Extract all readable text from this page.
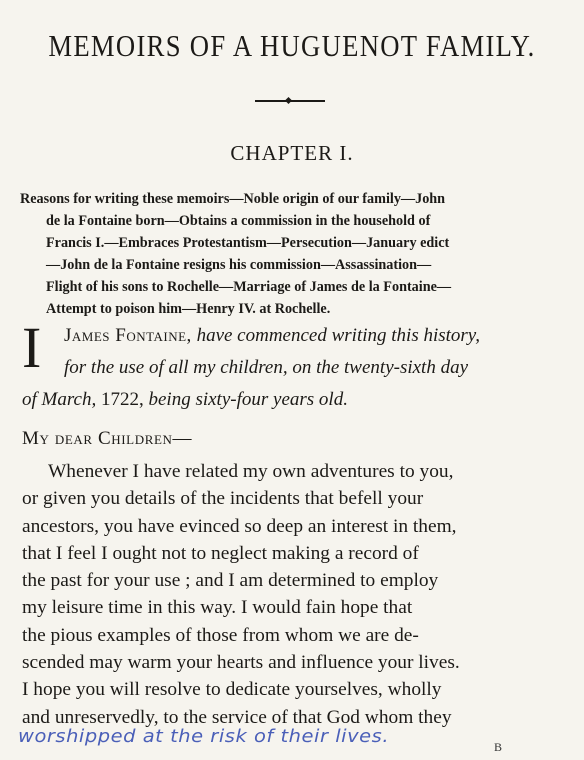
MEMOIRS OF A HUGUENOT FAMILY.
CHAPTER I.
Reasons for writing these memoirs—Noble origin of our family—John
de la Fontaine born—Obtains a commission in the household of
Francis I.—Embraces Protestantism—Persecution—January edict
—John de la Fontaine resigns his commission—Assassination—
Flight of his sons to Rochelle—Marriage of James de la Fontaine—
Attempt to poison him—Henry IV. at Rochelle.
I	James Fontaine, have commenced writing this history,
for the use of all my children, on the twenty-sixth day
of March, 1722, being sixty-four years old.
My dear Children—
Whenever I have related my own adventures to you,
or given you details of the incidents that befell your
ancestors, you have evinced so deep an interest in them,
that I feel I ought not to neglect making a record of
the past for your use ; and I am determined to employ
my leisure time in this way. I would fain hope that
the pious examples of those from whom we are de-
scended may warm your hearts and influence your lives.
I hope you will resolve to dedicate yourselves, wholly
and unreservedly, to the service of that God whom they
worshipped at the risk of their lives.	B
